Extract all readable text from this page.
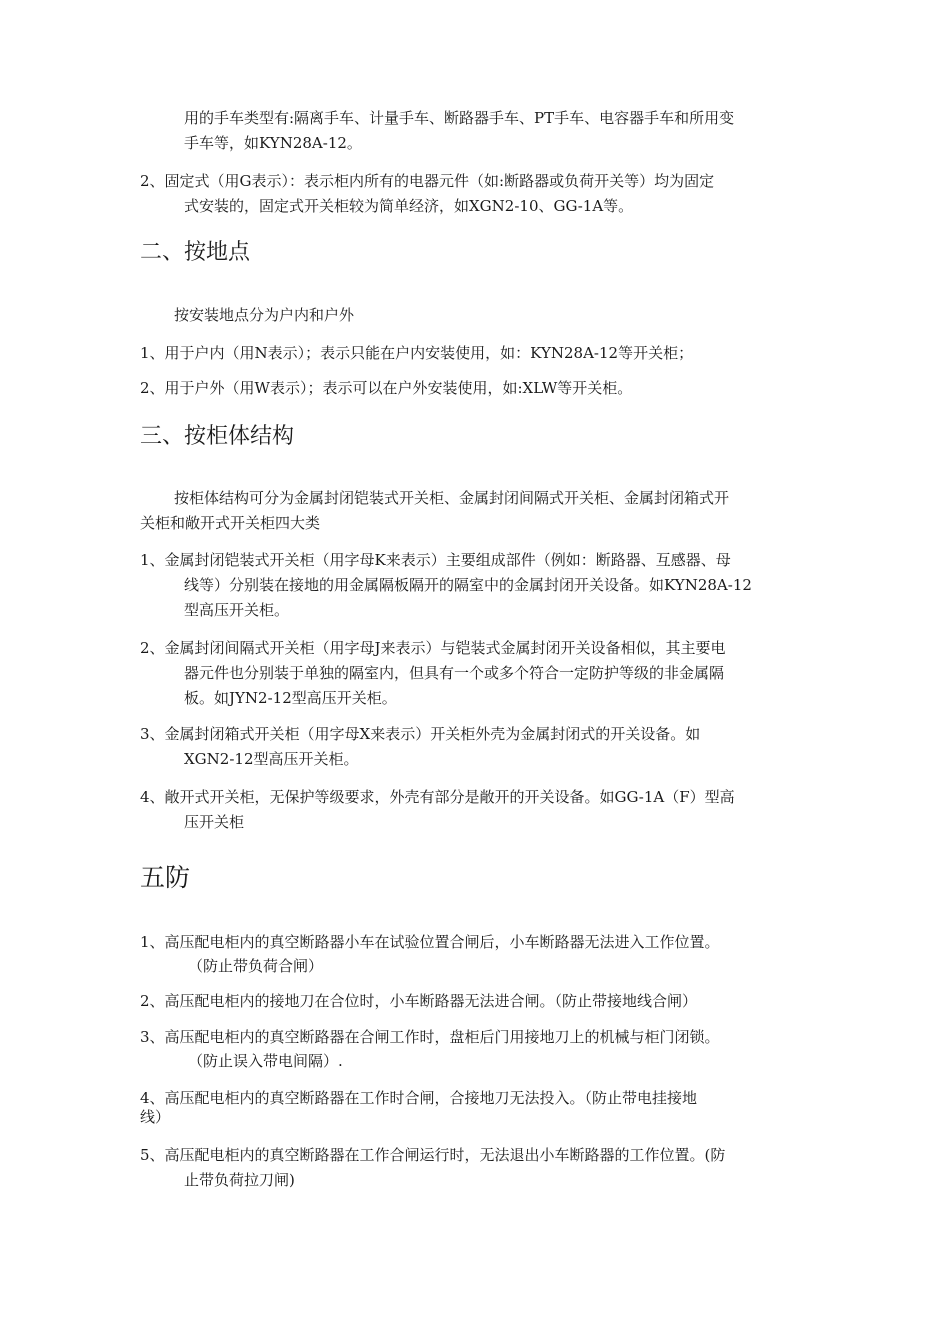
用的手车类型有:隔离手车、计量手车、断路器手车、PT手车、电容器手车和所用变

手车等，如KYN28A-12。

2、固定式（用G表示）：表示柜内所有的电器元件（如:断路器或负荷开关等）均为固定

式安装的，固定式开关柜较为简单经济，如XGN2-10、GG-1A等。

二、按地点

按安装地点分为户内和户外

1、用于户内（用N表示）；表示只能在户内安装使用，如：KYN28A-12等开关柜；

2、用于户外（用W表示）；表示可以在户外安装使用，如:XLW等开关柜。

三、按柜体结构

按柜体结构可分为金属封闭铠装式开关柜、金属封闭间隔式开关柜、金属封闭箱式开

关柜和敞开式开关柜四大类

1、金属封闭铠装式开关柜（用字母K来表示）主要组成部件（例如：断路器、互感器、母

线等）分别装在接地的用金属隔板隔开的隔室中的金属封闭开关设备。如KYN28A-12

型高压开关柜。

2、金属封闭间隔式开关柜（用字母J来表示）与铠装式金属封闭开关设备相似，其主要电

器元件也分别装于单独的隔室内，但具有一个或多个符合一定防护等级的非金属隔

板。如JYN2-12型高压开关柜。

3、金属封闭箱式开关柜（用字母X来表示）开关柜外壳为金属封闭式的开关设备。如

XGN2-12型高压开关柜。

4、敞开式开关柜，无保护等级要求，外壳有部分是敞开的开关设备。如GG-1A（F）型高

压开关柜

五防

1、高压配电柜内的真空断路器小车在试验位置合闸后，小车断路器无法进入工作位置。

（防止带负荷合闸）

2、高压配电柜内的接地刀在合位时，小车断路器无法进合闸。（防止带接地线合闸）

3、高压配电柜内的真空断路器在合闸工作时，盘柜后门用接地刀上的机械与柜门闭锁。

（防止误入带电间隔）.

4、高压配电柜内的真空断路器在工作时合闸，合接地刀无法投入。（防止带电挂接地

线）

5、高压配电柜内的真空断路器在工作合闸运行时，无法退出小车断路器的工作位置。(防

止带负荷拉刀闸)
